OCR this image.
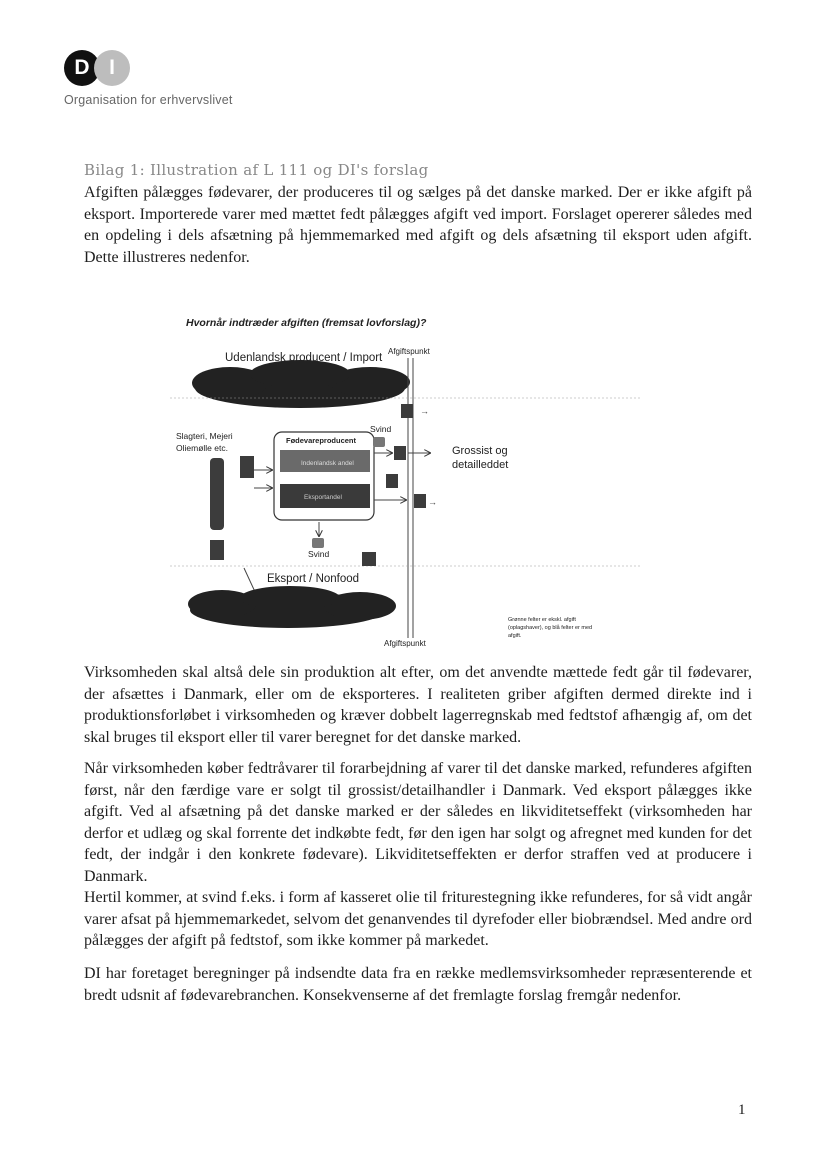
D I
Organisation for erhvervslivet
Bilag 1: Illustration af L 111 og DI's forslag

Afgiften pålægges fødevarer, der produceres til og sælges på det danske marked. Der er ikke afgift på eksport. Importerede varer med mættet fedt pålægges afgift ved import. Forslaget opererer således med en opdeling i dels afsætning på hjemmemarked med afgift og dels afsætning til eksport uden afgift. Dette illustreres nedenfor.

Hvornår indtræder afgiften (fremsat lovforslag)?
Udenlandsk producent / Import
Afgiftspunkt
→
Slagteri, Mejeri
Oliemølle etc.
Fødevareproducent
Indenlandsk andel
Eksportandel
Svind
Grossist og
detailleddet
→
Svind
Eksport / Nonfood
Afgiftspunkt
Grønne felter er ekskl. afgift
(oplagshaver), og blå felter er med
afgift.

Virksomheden skal altså dele sin produktion alt efter, om det anvendte mættede fedt går til fødevarer, der afsættes i Danmark, eller om de eksporteres. I realiteten griber afgiften dermed direkte ind i produktionsforløbet i virksomheden og kræver dobbelt lagerregnskab med fedtstof afhængig af, om det skal bruges til eksport eller til varer beregnet for det danske marked.

Når virksomheden køber fedtråvarer til forarbejdning af varer til det danske marked, refunderes afgiften først, når den færdige vare er solgt til grossist/detailhandler i Danmark. Ved eksport pålægges ikke afgift. Ved al afsætning på det danske marked er der således en likviditetseffekt (virksomheden har derfor et udlæg og skal forrente det indkøbte fedt, før den igen har solgt og afregnet med kunden for det fedt, der indgår i den konkrete fødevare). Likviditetseffekten er derfor straffen ved at producere i Danmark.

Hertil kommer, at svind f.eks. i form af kasseret olie til friturestegning ikke refunderes, for så vidt angår varer afsat på hjemmemarkedet, selvom det genanvendes til dyrefoder eller biobrændsel. Med andre ord pålægges der afgift på fedtstof, som ikke kommer på markedet.

DI har foretaget beregninger på indsendte data fra en række medlemsvirksomheder repræsenterende et bredt udsnit af fødevarebranchen. Konsekvenserne af det fremlagte forslag fremgår nedenfor.

1
